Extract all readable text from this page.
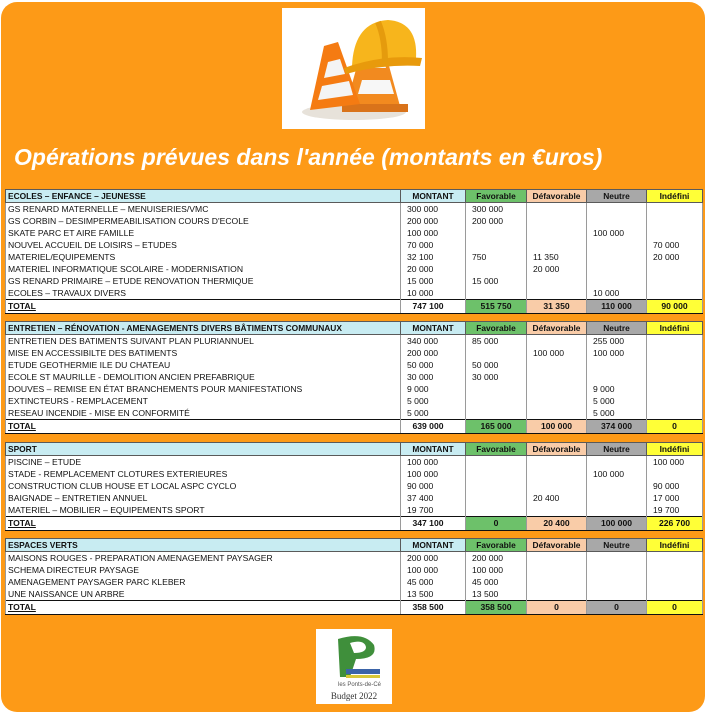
Opérations prévues dans l'année (montants en €uros)
ECOLES – ENFANCE – JEUNESSE	MONTANT	Favorable	Défavorable	Neutre	Indéfini
GS RENARD MATERNELLE – MENUISERIES/VMC	300 000	300 000			
GS CORBIN – DESIMPERMEABILISATION COURS D'ECOLE	200 000	200 000			
SKATE PARC ET AIRE FAMILLE	100 000			100 000	
NOUVEL ACCUEIL DE LOISIRS – ETUDES	70 000				70 000
MATERIEL/EQUIPEMENTS	32 100	750	11 350		20 000
MATERIEL INFORMATIQUE SCOLAIRE - MODERNISATION	20 000		20 000		
GS RENARD PRIMAIRE – ETUDE RENOVATION THERMIQUE	15 000	15 000			
ECOLES – TRAVAUX DIVERS	10 000			10 000	
TOTAL	747 100	515 750	31 350	110 000	90 000
ENTRETIEN – RÉNOVATION - AMENAGEMENTS DIVERS BÂTIMENTS COMMUNAUX	MONTANT	Favorable	Défavorable	Neutre	Indéfini
ENTRETIEN DES BATIMENTS SUIVANT PLAN PLURIANNUEL	340 000	85 000		255 000	
MISE EN ACCESSIBILTE DES BATIMENTS	200 000		100 000	100 000	
ETUDE GEOTHERMIE ILE DU CHATEAU	50 000	50 000			
ECOLE ST MAURILLE - DEMOLITION ANCIEN PREFABRIQUE	30 000	30 000			
DOUVES – REMISE EN ÉTAT BRANCHEMENTS POUR MANIFESTATIONS	9 000			9 000	
EXTINCTEURS - REMPLACEMENT	5 000			5 000	
RESEAU INCENDIE - MISE EN CONFORMITÉ	5 000			5 000	
TOTAL	639 000	165 000	100 000	374 000	0
SPORT	MONTANT	Favorable	Défavorable	Neutre	Indéfini
PISCINE – ETUDE	100 000				100 000
STADE - REMPLACEMENT CLOTURES EXTERIEURES	100 000			100 000	
CONSTRUCTION CLUB HOUSE ET LOCAL ASPC CYCLO	90 000				90 000
BAIGNADE – ENTRETIEN ANNUEL	37 400		20 400		17 000
MATERIEL – MOBILIER – EQUIPEMENTS SPORT	19 700				19 700
TOTAL	347 100	0	20 400	100 000	226 700
ESPACES VERTS	MONTANT	Favorable	Défavorable	Neutre	Indéfini
MAISONS ROUGES - PREPARATION AMENAGEMENT PAYSAGER	200 000	200 000			
SCHEMA DIRECTEUR PAYSAGE	100 000	100 000			
AMENAGEMENT PAYSAGER PARC KLEBER	45 000	45 000			
UNE NAISSANCE UN ARBRE	13 500	13 500			
TOTAL	358 500	358 500	0	0	0
les Ponts-de-Cé
Budget 2022
